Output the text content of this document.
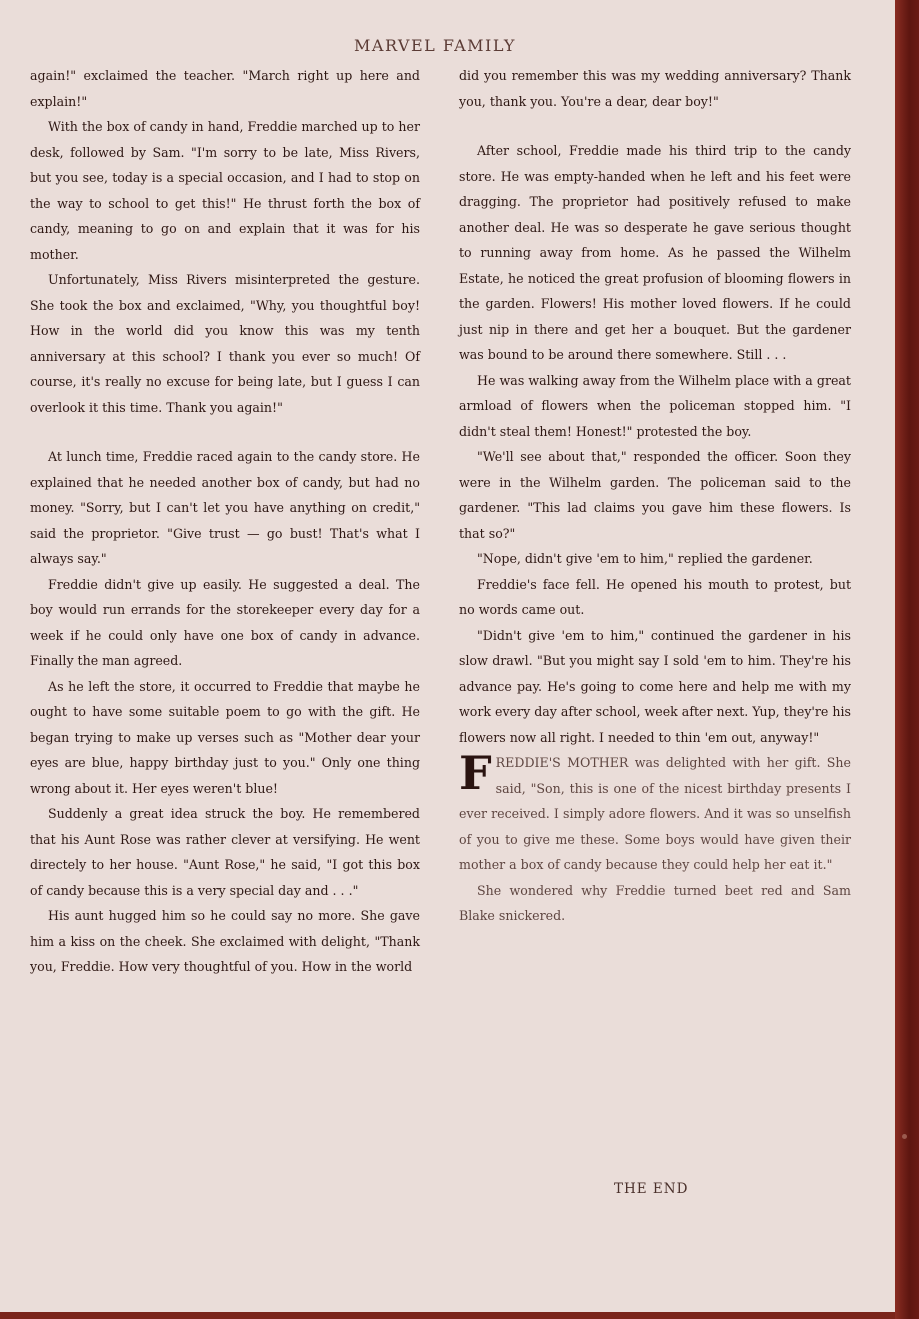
MARVEL FAMILY

again!" exclaimed the teacher. "March right up here and explain!"

With the box of candy in hand, Freddie marched up to her desk, followed by Sam. "I'm sorry to be late, Miss Rivers, but you see, today is a special occasion, and I had to stop on the way to school to get this!" He thrust forth the box of candy, meaning to go on and explain that it was for his mother.

Unfortunately, Miss Rivers misinterpreted the gesture. She took the box and exclaimed, "Why, you thoughtful boy! How in the world did you know this was my tenth anniversary at this school? I thank you ever so much! Of course, it's really no excuse for being late, but I guess I can overlook it this time. Thank you again!"

At lunch time, Freddie raced again to the candy store. He explained that he needed another box of candy, but had no money. "Sorry, but I can't let you have anything on credit," said the proprietor. "Give trust — go bust! That's what I always say."

Freddie didn't give up easily. He suggested a deal. The boy would run errands for the storekeeper every day for a week if he could only have one box of candy in advance. Finally the man agreed.

As he left the store, it occurred to Freddie that maybe he ought to have some suitable poem to go with the gift. He began trying to make up verses such as "Mother dear your eyes are blue, happy birthday just to you." Only one thing wrong about it. Her eyes weren't blue!

Suddenly a great idea struck the boy. He remembered that his Aunt Rose was rather clever at versifying. He went directely to her house. "Aunt Rose," he said, "I got this box of candy because this is a very special day and . . ."

His aunt hugged him so he could say no more. She gave him a kiss on the cheek. She exclaimed with delight, "Thank you, Freddie. How very thoughtful of you. How in the world

did you remember this was my wedding anniversary? Thank you, thank you. You're a dear, dear boy!"

After school, Freddie made his third trip to the candy store. He was empty-handed when he left and his feet were dragging. The proprietor had positively refused to make another deal. He was so desperate he gave serious thought to running away from home. As he passed the Wilhelm Estate, he noticed the great profusion of blooming flowers in the garden. Flowers! His mother loved flowers. If he could just nip in there and get her a bouquet. But the gardener was bound to be around there somewhere. Still . . .

He was walking away from the Wilhelm place with a great armload of flowers when the policeman stopped him. "I didn't steal them! Honest!" protested the boy.

"We'll see about that," responded the officer. Soon they were in the Wilhelm garden. The policeman said to the gardener. "This lad claims you gave him these flowers. Is that so?"

"Nope, didn't give 'em to him," replied the gardener.

Freddie's face fell. He opened his mouth to protest, but no words came out.

"Didn't give 'em to him," continued the gardener in his slow drawl. "But you might say I sold 'em to him. They're his advance pay. He's going to come here and help me with my work every day after school, week after next. Yup, they're his flowers now all right. I needed to thin 'em out, anyway!"

FREDDIE'S MOTHER was delighted with her gift. She said, "Son, this is one of the nicest birthday presents I ever received. I simply adore flowers. And it was so unselfish of you to give me these. Some boys would have given their mother a box of candy because they could help her eat it."

She wondered why Freddie turned beet red and Sam Blake snickered.

THE END
